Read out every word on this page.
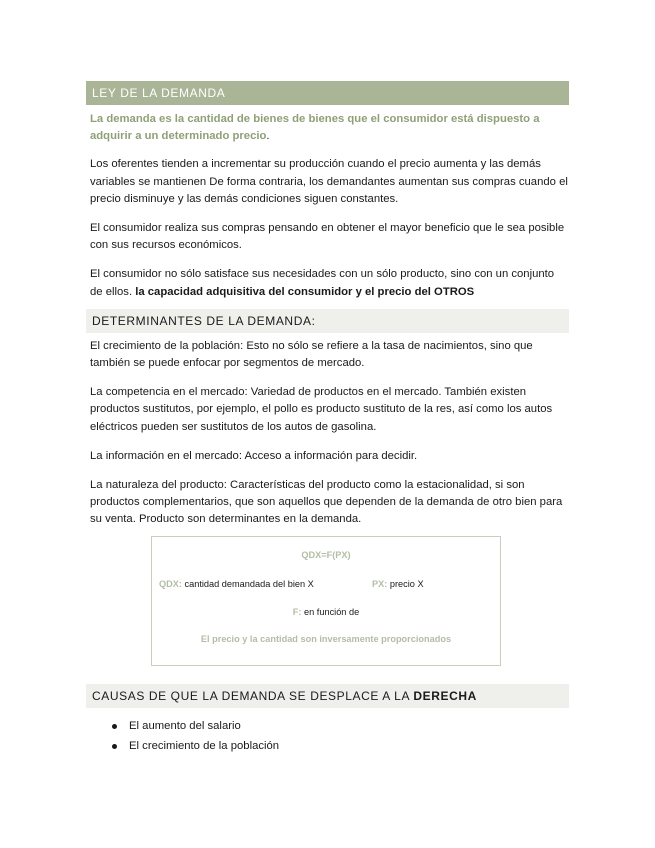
LEY DE LA DEMANDA

La demanda es la cantidad de bienes de bienes que el consumidor está dispuesto a adquirir a un determinado precio.

Los oferentes tienden a incrementar su producción cuando el precio aumenta y las demás variables se mantienen De forma contraria, los demandantes aumentan sus compras cuando el precio disminuye y las demás condiciones siguen constantes.

El consumidor realiza sus compras pensando en obtener el mayor beneficio que le sea posible con sus recursos económicos.

El consumidor no sólo satisface sus necesidades con un sólo producto, sino con un conjunto de ellos. la capacidad adquisitiva del consumidor y el precio del OTROS

DETERMINANTES DE LA DEMANDA:

El crecimiento de la población: Esto no sólo se refiere a la tasa de nacimientos, sino que también se puede enfocar por segmentos de mercado.

La competencia en el mercado: Variedad de productos en el mercado. También existen productos sustitutos, por ejemplo, el pollo es producto sustituto de la res, así como los autos eléctricos pueden ser sustitutos de los autos de gasolina.

La información en el mercado: Acceso a información para decidir.

La naturaleza del producto: Características del producto como la estacionalidad, si son productos complementarios, que son aquellos que dependen de la demanda de otro bien para su venta. Producto son determinantes en la demanda.

QDX=F(PX)
QDX: cantidad demandada del bien X	PX: precio X
F: en función de
El precio y la cantidad son inversamente proporcionados
CAUSAS DE QUE LA DEMANDA SE DESPLACE A LA DERECHA
El aumento del salario
El crecimiento de la población
